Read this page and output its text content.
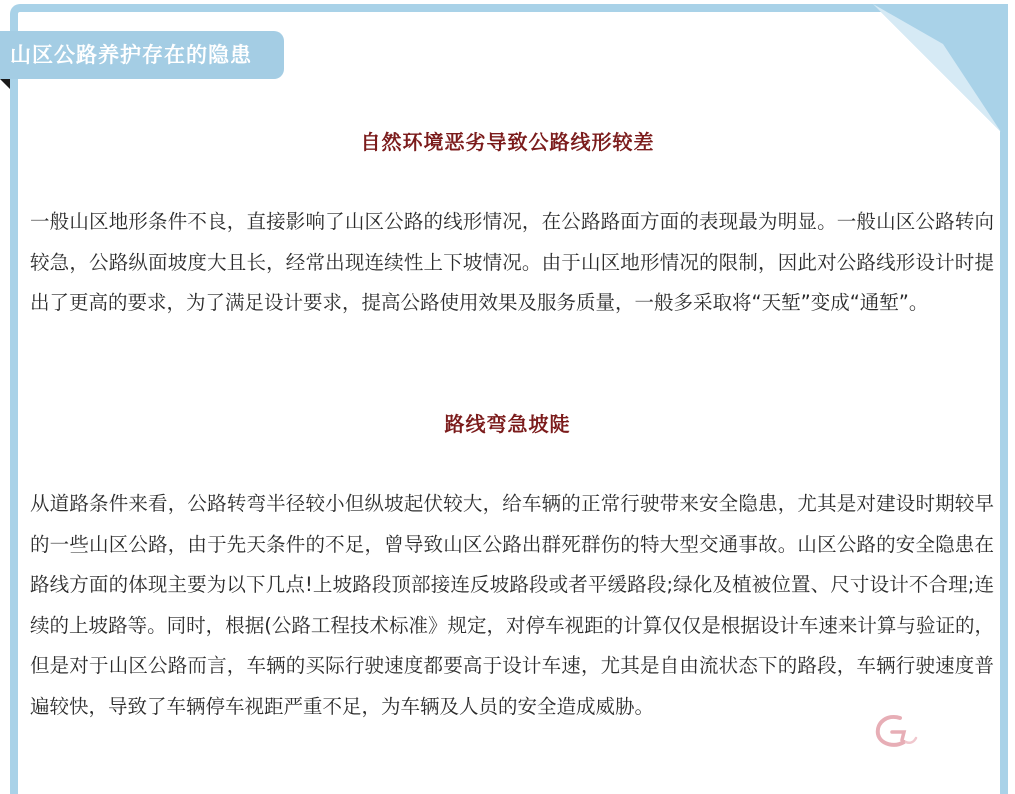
山区公路养护存在的隐患
自然环境恶劣导致公路线形较差

一般山区地形条件不良，直接影响了山区公路的线形情况，在公路路面方面的表现最为明显。一般山区公路转向较急，公路纵面坡度大且长，经常出现连续性上下坡情况。由于山区地形情况的限制，因此对公路线形设计时提出了更高的要求，为了满足设计要求，提高公路使用效果及服务质量，一般多采取将“天堑”变成“通堑”。

路线弯急坡陡

从道路条件来看，公路转弯半径较小但纵坡起伏较大，给车辆的正常行驶带来安全隐患，尤其是对建设时期较早的一些山区公路，由于先天条件的不足，曾导致山区公路出群死群伤的特大型交通事故。山区公路的安全隐患在路线方面的体现主要为以下几点!上坡路段顶部接连反坡路段或者平缓路段;绿化及植被位置、尺寸设计不合理;连续的上坡路等。同时，根据(公路工程技术标准》规定，对停车视距的计算仅仅是根据设计车速来计算与验证的，但是对于山区公路而言，车辆的买际行驶速度都要高于设计车速，尤其是自由流状态下的路段，车辆行驶速度普遍较快，导致了车辆停车视距严重不足，为车辆及人员的安全造成威胁。
